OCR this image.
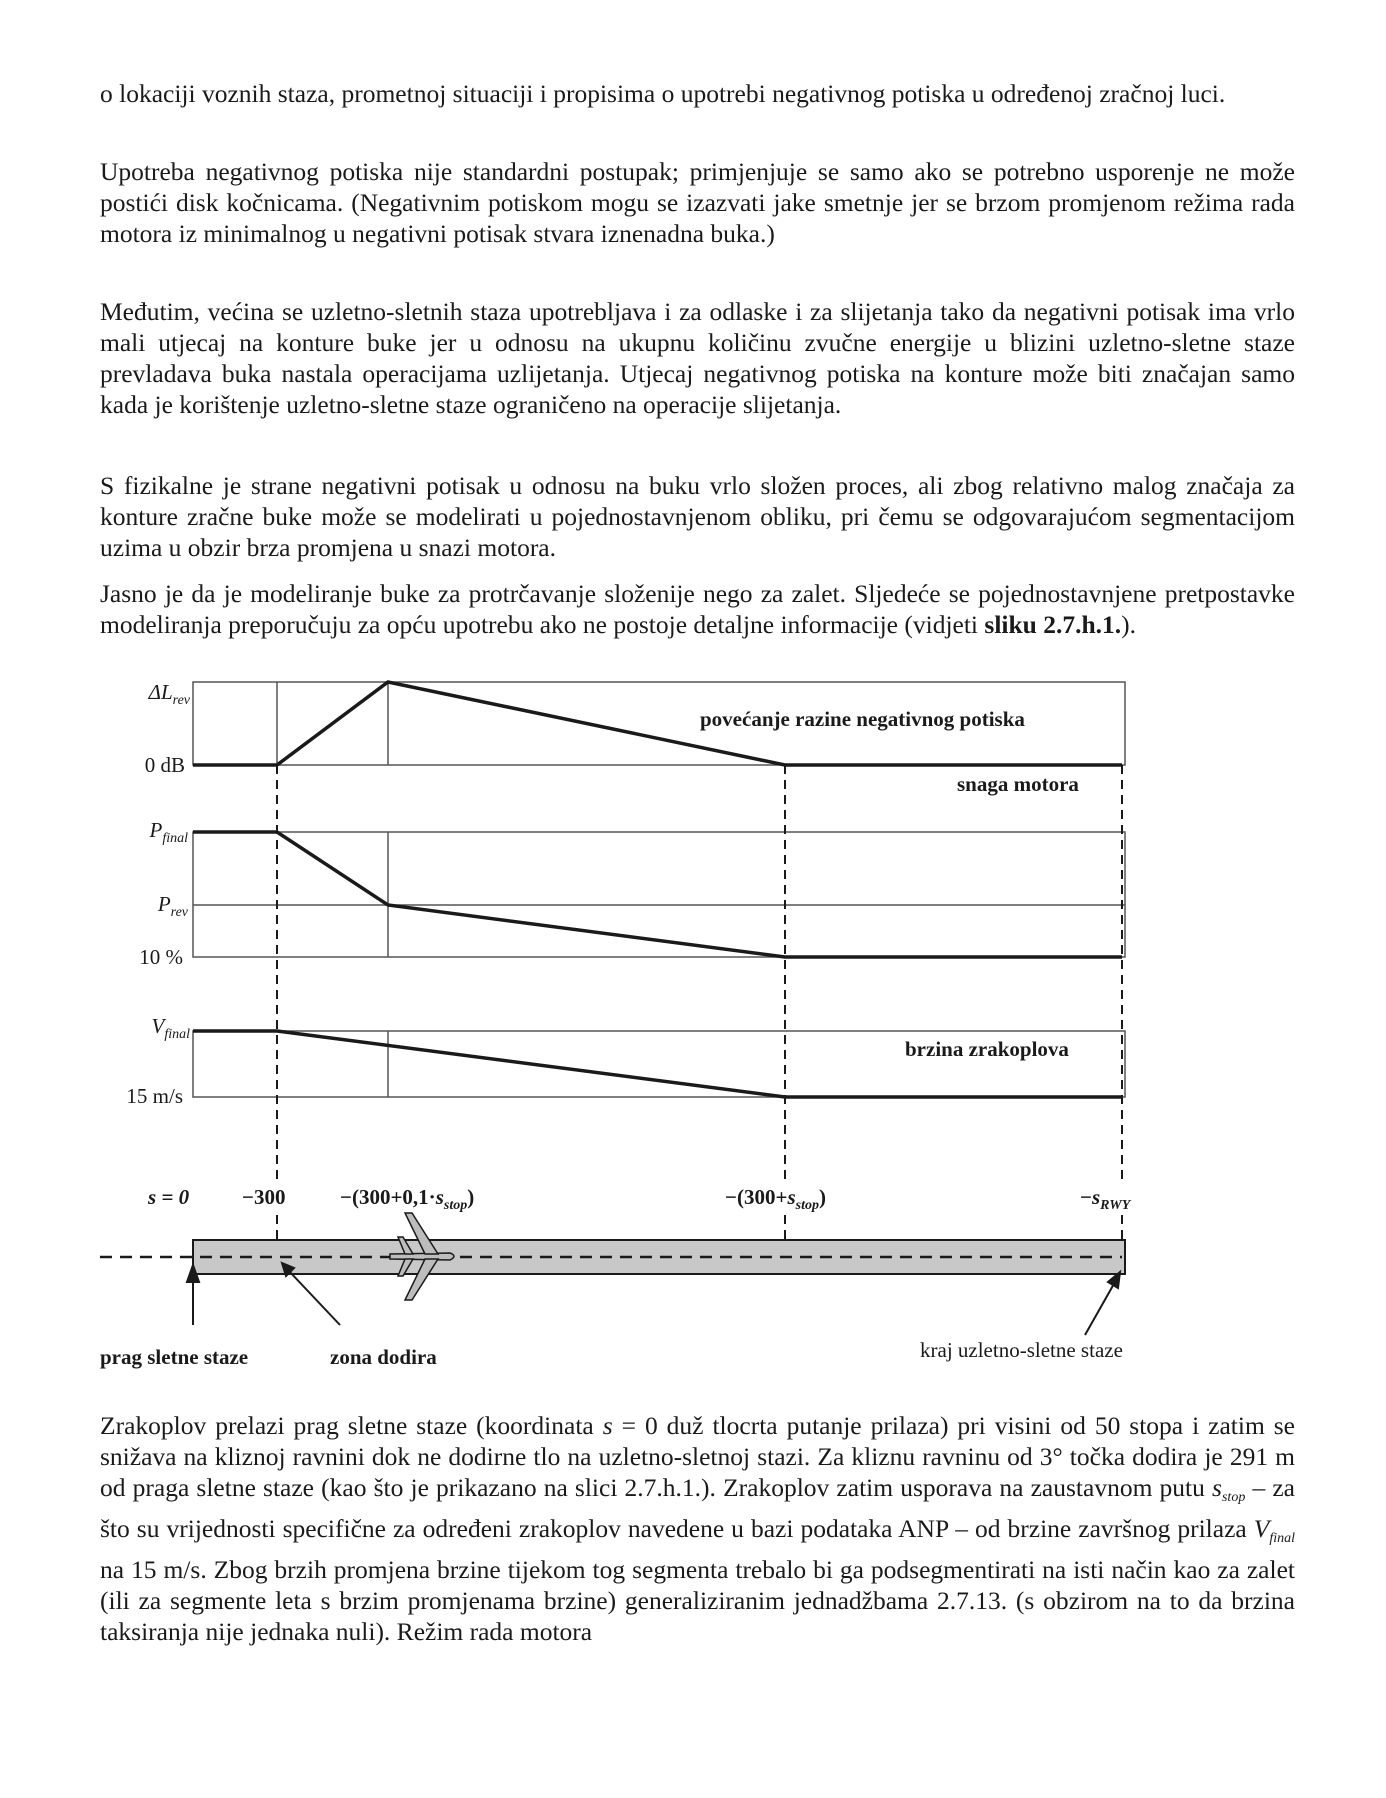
o lokaciji voznih staza, prometnoj situaciji i propisima o upotrebi negativnog potiska u određenoj zračnoj luci.

Upotreba negativnog potiska nije standardni postupak; primjenjuje se samo ako se potrebno usporenje ne može postići disk kočnicama. (Negativnim potiskom mogu se izazvati jake smetnje jer se brzom promjenom režima rada motora iz minimalnog u negativni potisak stvara iznenadna buka.)

Međutim, većina se uzletno-sletnih staza upotrebljava i za odlaske i za slijetanja tako da negativni potisak ima vrlo mali utjecaj na konture buke jer u odnosu na ukupnu količinu zvučne energije u blizini uzletno-sletne staze prevladava buka nastala operacijama uzlijetanja. Utjecaj negativnog potiska na konture može biti značajan samo kada je korištenje uzletno-sletne staze ograničeno na operacije slijetanja.

S fizikalne je strane negativni potisak u odnosu na buku vrlo složen proces, ali zbog relativno malog značaja za konture zračne buke može se modelirati u pojednostavnjenom obliku, pri čemu se odgovarajućom segmentacijom uzima u obzir brza promjena u snazi motora.

Jasno je da je modeliranje buke za protrčavanje složenije nego za zalet. Sljedeće se pojednostavnjene pretpostavke modeliranja preporučuju za opću upotrebu ako ne postoje detaljne informacije (vidjeti sliku 2.7.h.1.).

$\Delta L_{rev}$
0 dB
povećanje razine negativnog potiska
$P_{final}$
$P_{rev}$
10 %
snaga motora
$V_{final}$
15 m/s
brzina zrakoplova
s = 0	−300	$-(300+0,1\cdot s_{stop})$	$-(300+s_{stop})$	$-s_{RWY}$
prag sletne staze	zona dodira	kraj uzletno-sletne staze

Zrakoplov prelazi prag sletne staze (koordinata s = 0 duž tlocrta putanje prilaza) pri visini od 50 stopa i zatim se snižava na kliznoj ravnini dok ne dodirne tlo na uzletno-sletnoj stazi. Za kliznu ravninu od 3° točka dodira je 291 m od praga sletne staze (kao što je prikazano na slici 2.7.h.1.). Zrakoplov zatim usporava na zaustavnom putu $s_{stop}$ – za što su vrijednosti specifične za određeni zrakoplov navedene u bazi podataka ANP – od brzine završnog prilaza $V_{final}$ na 15 m/s. Zbog brzih promjena brzine tijekom tog segmenta trebalo bi ga podsegmentirati na isti način kao za zalet (ili za segmente leta s brzim promjenama brzine) generaliziranim jednadžbama 2.7.13. (s obzirom na to da brzina taksiranja nije jednaka nuli). Režim rada motora
